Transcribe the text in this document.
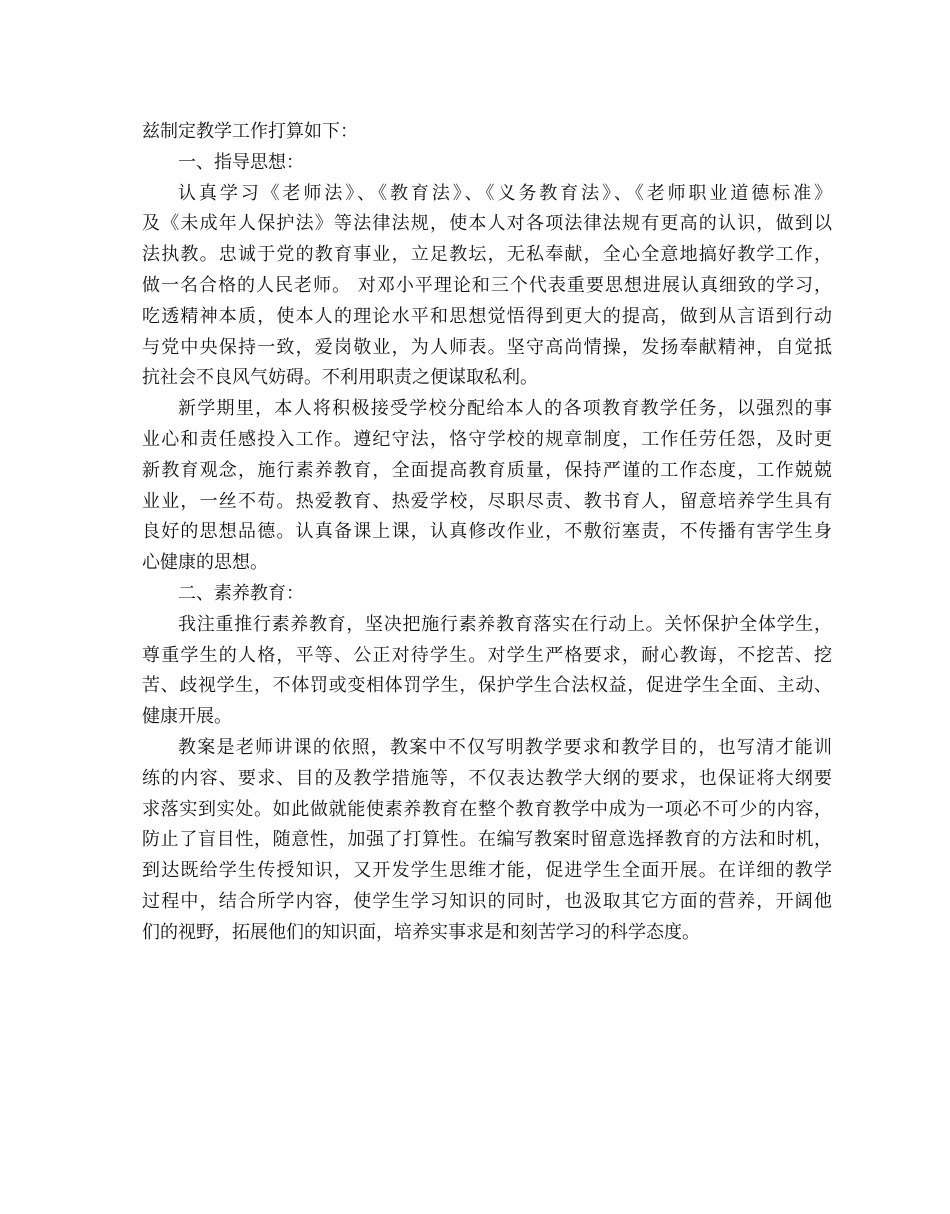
兹制定教学工作打算如下：
一、指导思想：
认真学习《老师法》、《教育法》、《义务教育法》、《老师职业道德标准》
及《未成年人保护法》等法律法规，使本人对各项法律法规有更高的认识，做到以
法执教。忠诚于党的教育事业，立足教坛，无私奉献，全心全意地搞好教学工作，
做一名合格的人民老师。 对邓小平理论和三个代表重要思想进展认真细致的学习，
吃透精神本质，使本人的理论水平和思想觉悟得到更大的提高，做到从言语到行动
与党中央保持一致，爱岗敬业，为人师表。坚守高尚情操，发扬奉献精神，自觉抵
抗社会不良风气妨碍。不利用职责之便谋取私利。
新学期里，本人将积极接受学校分配给本人的各项教育教学任务，以强烈的事
业心和责任感投入工作。遵纪守法，恪守学校的规章制度，工作任劳任怨，及时更
新教育观念，施行素养教育，全面提高教育质量，保持严谨的工作态度，工作兢兢
业业，一丝不苟。热爱教育、热爱学校，尽职尽责、教书育人，留意培养学生具有
良好的思想品德。认真备课上课，认真修改作业，不敷衍塞责，不传播有害学生身
心健康的思想。
二、素养教育：
我注重推行素养教育，坚决把施行素养教育落实在行动上。关怀保护全体学生，
尊重学生的人格，平等、公正对待学生。对学生严格要求，耐心教诲，不挖苦、挖
苦、歧视学生，不体罚或变相体罚学生，保护学生合法权益，促进学生全面、主动、
健康开展。
教案是老师讲课的依照，教案中不仅写明教学要求和教学目的，也写清才能训
练的内容、要求、目的及教学措施等，不仅表达教学大纲的要求，也保证将大纲要
求落实到实处。如此做就能使素养教育在整个教育教学中成为一项必不可少的内容，
防止了盲目性，随意性，加强了打算性。在编写教案时留意选择教育的方法和时机，
到达既给学生传授知识，又开发学生思维才能，促进学生全面开展。在详细的教学
过程中，结合所学内容，使学生学习知识的同时，也汲取其它方面的营养，开阔他
们的视野，拓展他们的知识面，培养实事求是和刻苦学习的科学态度。
